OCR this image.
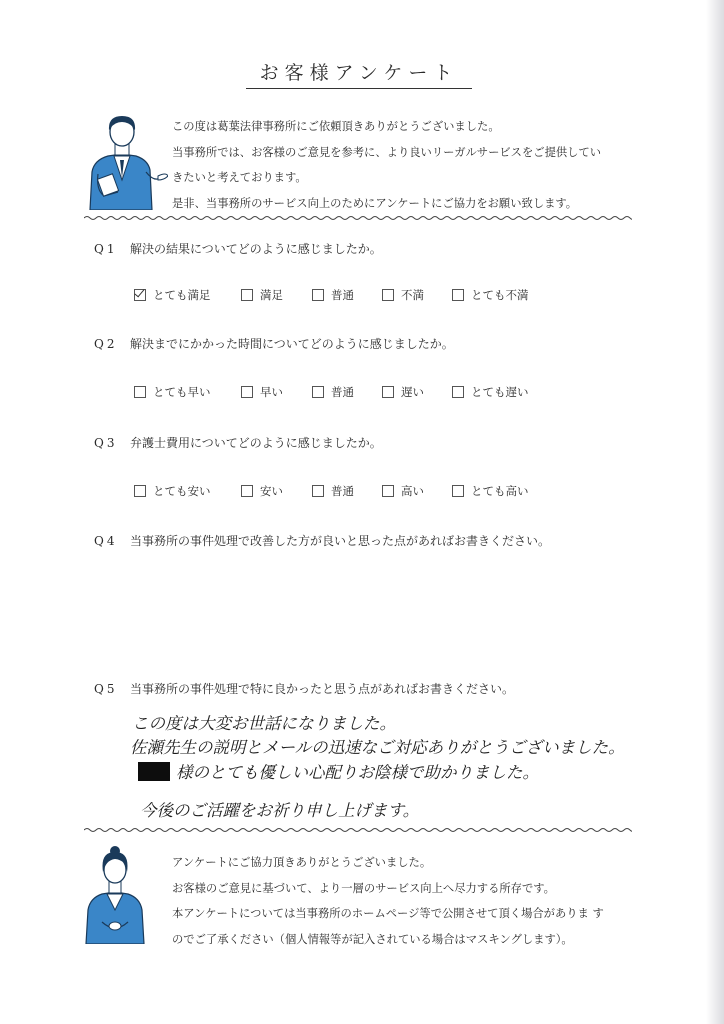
お客様アンケート

この度は葛葉法律事務所にご依頼頂きありがとうございました。

当事務所では、お客様のご意見を参考に、より良いリーガルサービスをご提供してい

きたいと考えております。

是非、当事務所のサービス向上のためにアンケートにご協力をお願い致します。

Q1 解決の結果についてどのように感じましたか。
とても満足	満足	普通	不満	とても不満
Q2 解決までにかかった時間についてどのように感じましたか。
とても早い	早い	普通	遅い	とても遅い
Q3 弁護士費用についてどのように感じましたか。
とても安い	安い	普通	高い	とても高い
Q4 当事務所の事件処理で改善した方が良いと思った点があればお書きください。
Q5 当事務所の事件処理で特に良かったと思う点があればお書きください。
この度は大変お世話になりました。
佐瀬先生の説明とメールの迅速なご対応ありがとうございました。
様のとても優しい心配りお陰様で助かりました。
今後のご活躍をお祈り申し上げます。

アンケートにご協力頂きありがとうございました。

お客様のご意見に基づいて、より一層のサービス向上へ尽力する所存です。

本アンケートについては当事務所のホームページ等で公開させて頂く場合がありま す

のでご了承ください（個人情報等が記入されている場合はマスキングします）。
